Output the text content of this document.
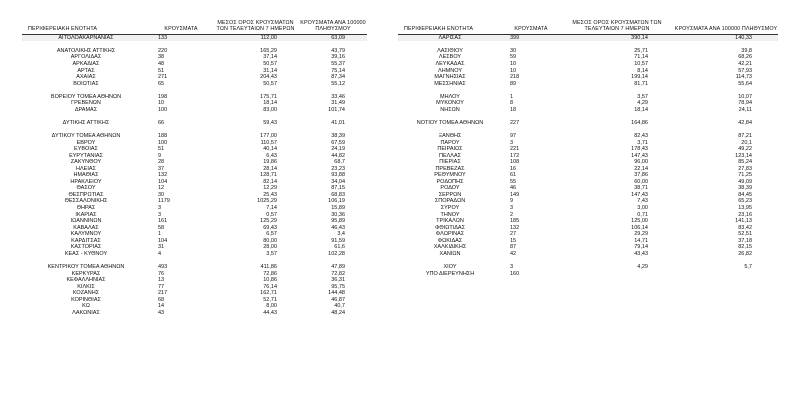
ΠΕΡΙΦΕΡΕΙΑΚΗ ΕΝΟΤΗΤΑ	ΚΡΟΥΣΜΑΤΑ	ΜΕΣΟΣ ΟΡΟΣ ΚΡΟΥΣΜΑΤΩΝ ΤΩΝ ΤΕΛΕΥΤΑΙΩΝ 7 ΗΜΕΡΩΝ	ΚΡΟΥΣΜΑΤΑ ΑΝΑ 100000 ΠΛΗΘΥΣΜΟΥ
ΑΙΤΩΛΟΑΚΑΡΝΑΝΙΑΣ	133	112,00	63,09

ΑΝΑΤΟΛΙΚΗΣ ΑΤΤΙΚΗΣ	220	165,29	43,79
ΑΡΓΟΛΙΔΑΣ	38	37,14	39,16
ΑΡΚΑΔΙΑΣ	48	50,57	55,37
ΑΡΤΑΣ	51	31,14	75,14
ΑΧΑΪΑΣ	271	204,43	87,34
ΒΟΙΩΤΙΑΣ	65	50,57	55,12

ΒΟΡΕΙΟΥ ΤΟΜΕΑ ΑΘΗΝΩΝ	198	175,71	33,46
ΓΡΕΒΕΝΩΝ	10	18,14	31,49
ΔΡΑΜΑΣ	100	83,00	101,74

ΔΥΤΙΚΗΣ ΑΤΤΙΚΗΣ	66	59,43	41,01

ΔΥΤΙΚΟΥ ΤΟΜΕΑ ΑΘΗΝΩΝ	188	177,00	38,39
ΕΒΡΟΥ	100	110,57	67,59
ΕΥΒΟΙΑΣ	51	40,14	24,19
ΕΥΡΥΤΑΝΙΑΣ	9	6,43	44,82
ΖΑΚΥΝΘΟΥ	28	19,86	68,7
ΗΛΕΙΑΣ	37	28,14	23,23
ΗΜΑΘΙΑΣ	132	128,71	93,88
ΗΡΑΚΛΕΙΟΥ	104	82,14	34,04
ΘΑΣΟΥ	12	12,29	87,15
ΘΕΣΠΡΩΤΙΑΣ	30	25,43	68,83
ΘΕΣΣΑΛΟΝΙΚΗΣ	1179	1025,29	106,19
ΘΗΡΑΣ	3	7,14	15,89
ΙΚΑΡΙΑΣ	3	0,57	30,36
ΙΩΑΝΝΙΝΩΝ	161	125,29	95,89
ΚΑΒΑΛΑΣ	58	69,43	46,43
ΚΑΛΥΜΝΟΥ	1	6,57	3,4
ΚΑΡΔΙΤΣΑΣ	104	80,00	91,59
ΚΑΣΤΟΡΙΑΣ	31	28,00	61,6
ΚΕΑΣ - ΚΥΘΝΟΥ	4	3,57	102,28

ΚΕΝΤΡΙΚΟΥ ΤΟΜΕΑ ΑΘΗΝΩΝ	493	411,86	47,89
ΚΕΡΚΥΡΑΣ	76	72,86	72,82
ΚΕΦΑΛΛΗΝΙΑΣ	13	10,86	36,31
ΚΙΛΚΙΣ	77	76,14	95,75
ΚΟΖΑΝΗΣ	217	162,71	144,48
ΚΟΡΙΝΘΙΑΣ	68	52,71	46,87
ΚΩ	14	8,00	40,7
ΛΑΚΩΝΙΑΣ	43	44,43	48,24
ΠΕΡΙΦΕΡΕΙΑΚΗ ΕΝΟΤΗΤΑ	ΚΡΟΥΣΜΑΤΑ	ΜΕΣΟΣ ΟΡΟΣ ΚΡΟΥΣΜΑΤΩΝ ΤΩΝ ΤΕΛΕΥΤΑΙΩΝ 7 ΗΜΕΡΩΝ	ΚΡΟΥΣΜΑΤΑ ΑΝΑ 100000 ΠΛΗΘΥΣΜΟΥ
ΛΑΡΙΣΑΣ	399	390,14	140,33

ΛΑΣΙΘΙΟΥ	30	25,71	39,8
ΛΕΣΒΟΥ	59	71,14	68,26
ΛΕΥΚΑΔΑΣ	10	10,57	42,21
ΛΗΜΝΟΥ	10	8,14	57,93
ΜΑΓΝΗΣΙΑΣ	218	199,14	114,73
ΜΕΣΣΗΝΙΑΣ	89	81,71	55,64

ΜΗΛΟΥ	1	3,57	10,07
ΜΥΚΟΝΟΥ	8	4,29	78,94
ΝΗΣΩΝ	18	18,14	24,11

ΝΟΤΙΟΥ ΤΟΜΕΑ ΑΘΗΝΩΝ	227	164,86	42,84

ΞΑΝΘΗΣ	97	82,43	87,21
ΠΑΡΟΥ	3	3,71	20,1
ΠΕΙΡΑΙΩΣ	221	178,43	49,22
ΠΕΛΛΑΣ	172	147,43	123,14
ΠΙΕΡΙΑΣ	108	96,00	85,24
ΠΡΕΒΕΖΑΣ	16	22,14	27,83
ΡΕΘΥΜΝΟΥ	61	37,86	71,25
ΡΟΔΟΠΗΣ	55	60,00	49,09
ΡΟΔΟΥ	46	38,71	38,39
ΣΕΡΡΩΝ	149	147,43	84,45
ΣΠΟΡΑΔΩΝ	9	7,43	65,23
ΣΥΡΟΥ	3	3,00	13,95
ΤΗΝΟΥ	2	0,71	23,16
ΤΡΙΚΑΛΩΝ	185	125,00	141,13
ΦΘΙΩΤΙΔΑΣ	132	106,14	83,42
ΦΛΩΡΙΝΑΣ	27	29,29	52,51
ΦΩΚΙΔΑΣ	15	14,71	37,18
ΧΑΛΚΙΔΙΚΗΣ	87	79,14	82,15
ΧΑΝΙΩΝ	42	43,43	26,82

ΧΙΟΥ	3	4,29	5,7
ΥΠΟ ΔΙΕΡΕΥΝΗΣΗ	160		
